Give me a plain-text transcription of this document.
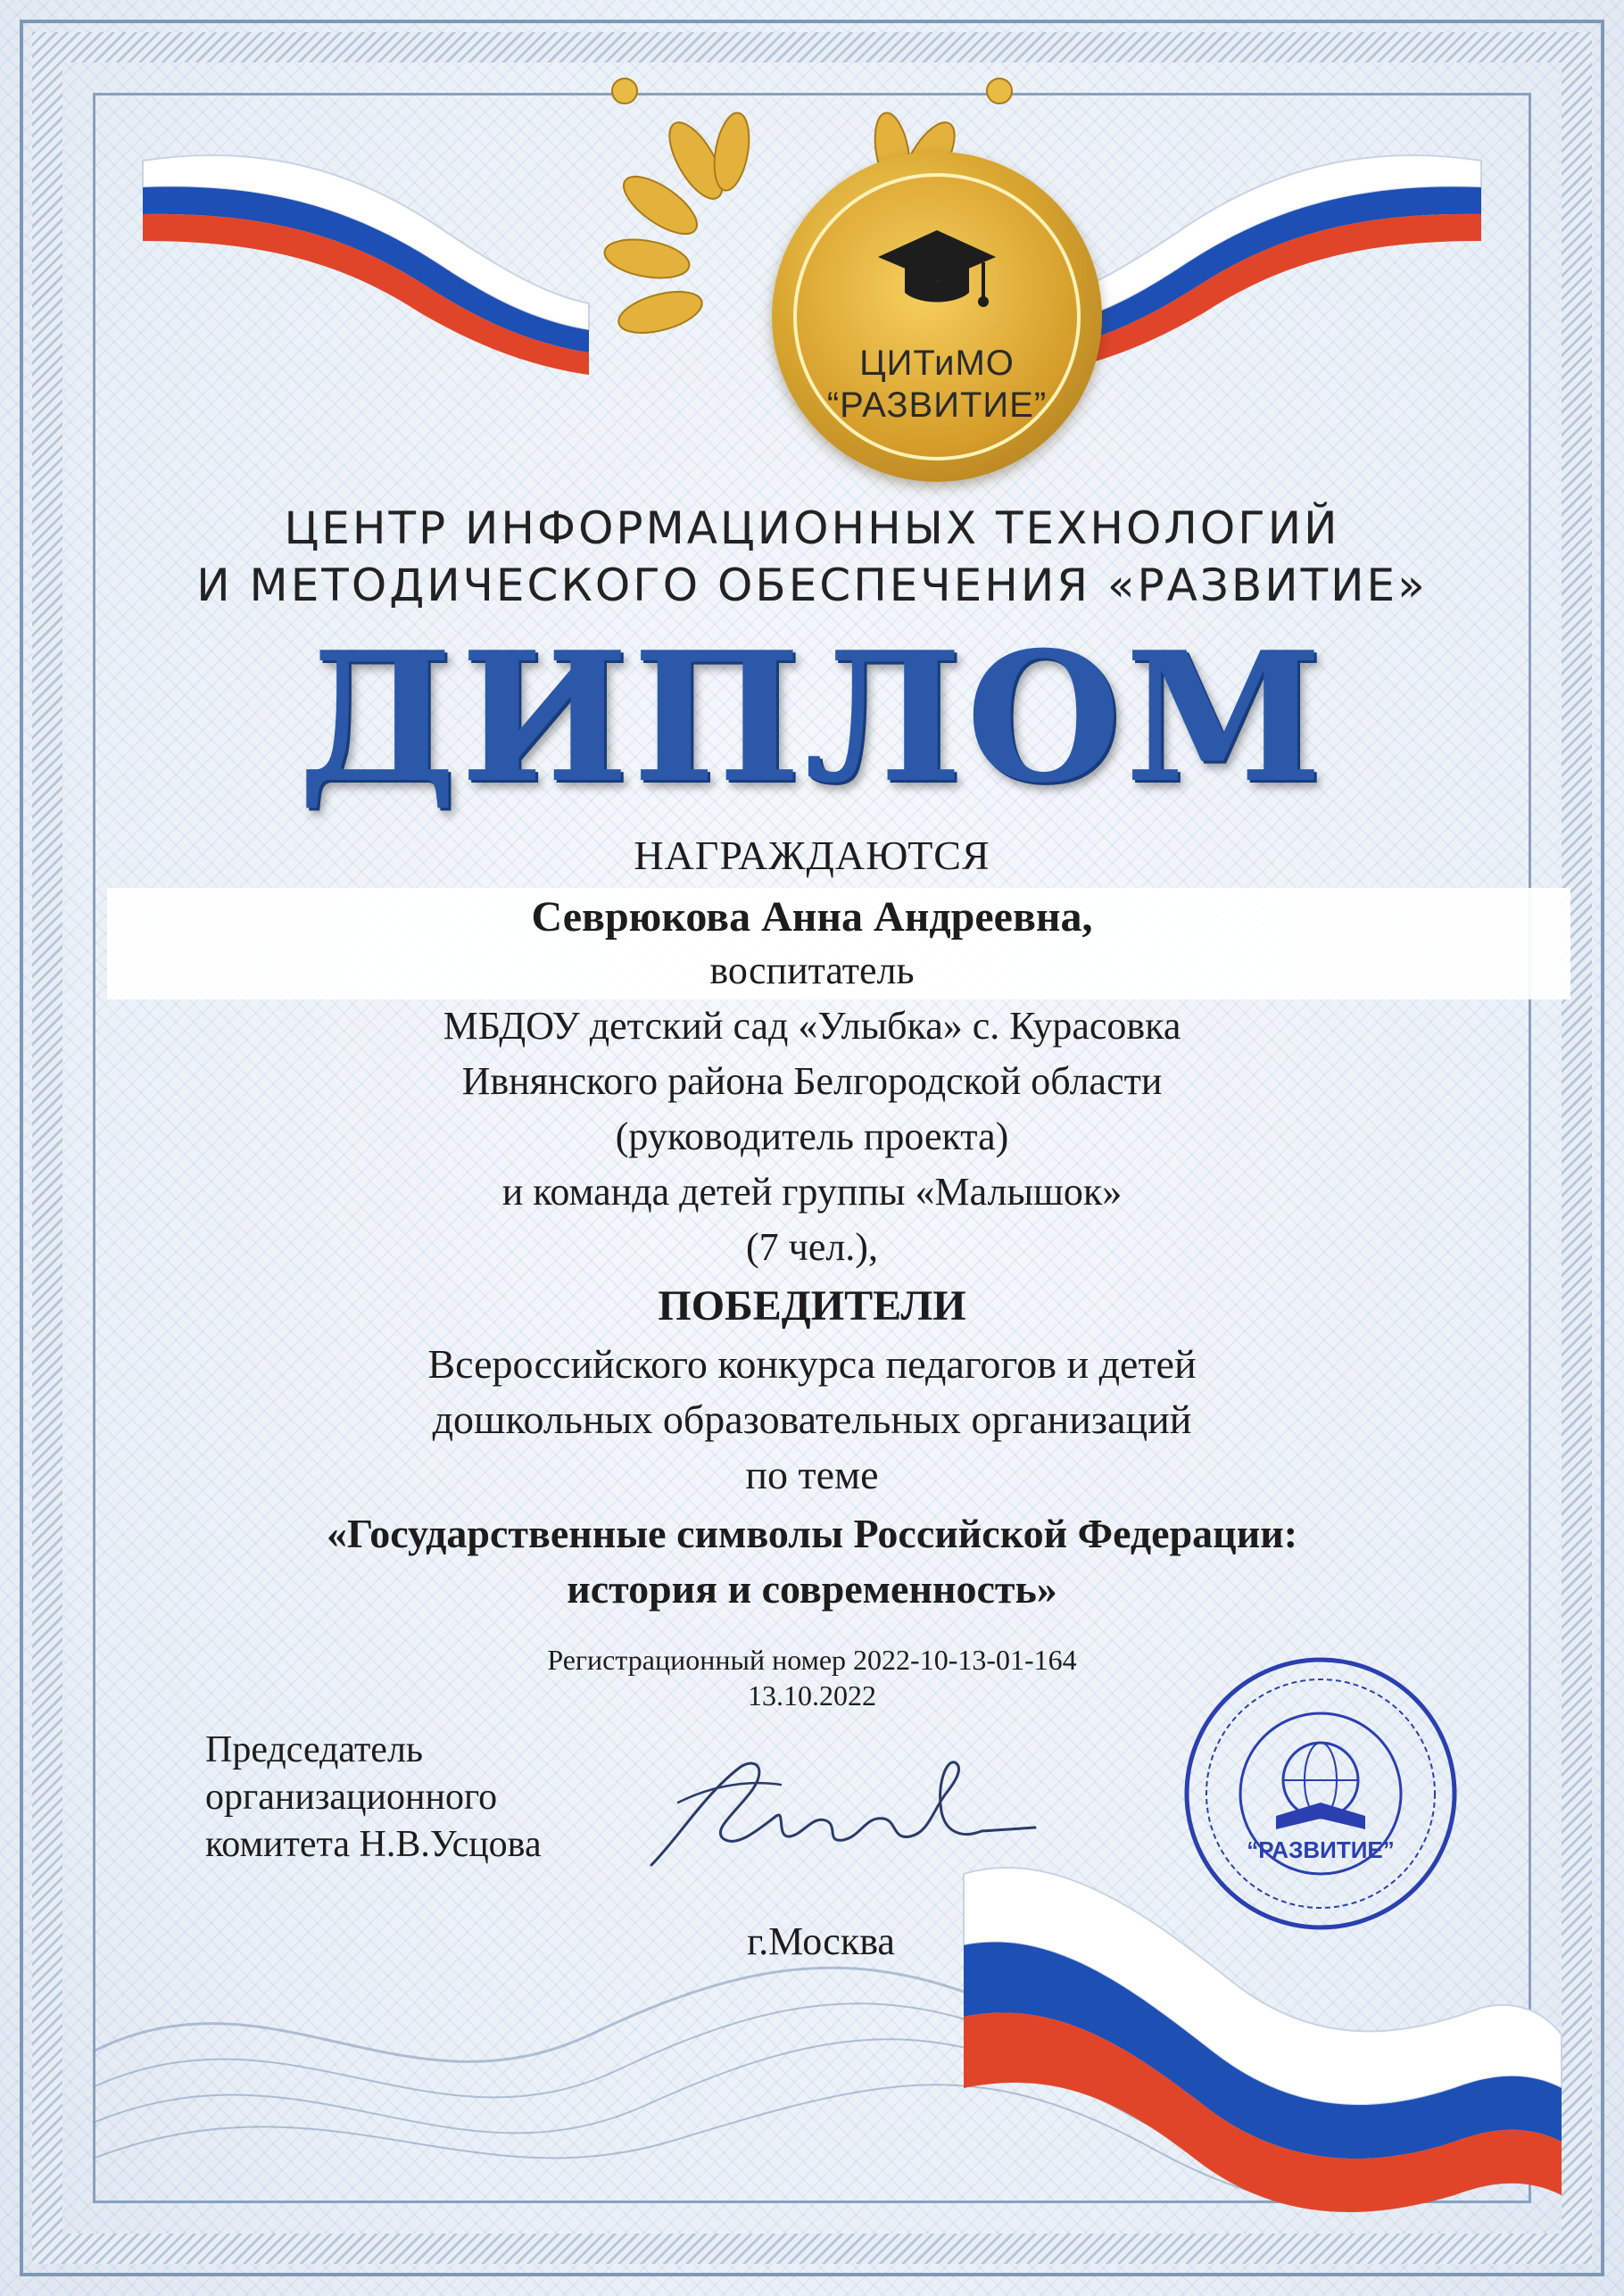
ЦИТиМО
“РАЗВИТИЕ”
ЦЕНТР ИНФОРМАЦИОННЫХ ТЕХНОЛОГИЙ
И МЕТОДИЧЕСКОГО ОБЕСПЕЧЕНИЯ «РАЗВИТИЕ»
ДИПЛОМ
НАГРАЖДАЮТСЯ
Севрюкова Анна Андреевна,
воспитатель
МБДОУ детский сад «Улыбка» с. Курасовка
Ивнянского района Белгородской области
(руководитель проекта)
и команда детей группы «Малышок»
(7 чел.),
ПОБЕДИТЕЛИ
Всероссийского конкурса педагогов и детей
дошкольных образовательных организаций
по теме
«Государственные символы Российской Федерации:
история и современность»
Регистрационный номер 2022-10-13-01-164
13.10.2022
Председатель
организационного
комитета Н.В.Усцова	“РАЗВИТИЕ”
г.Москва
